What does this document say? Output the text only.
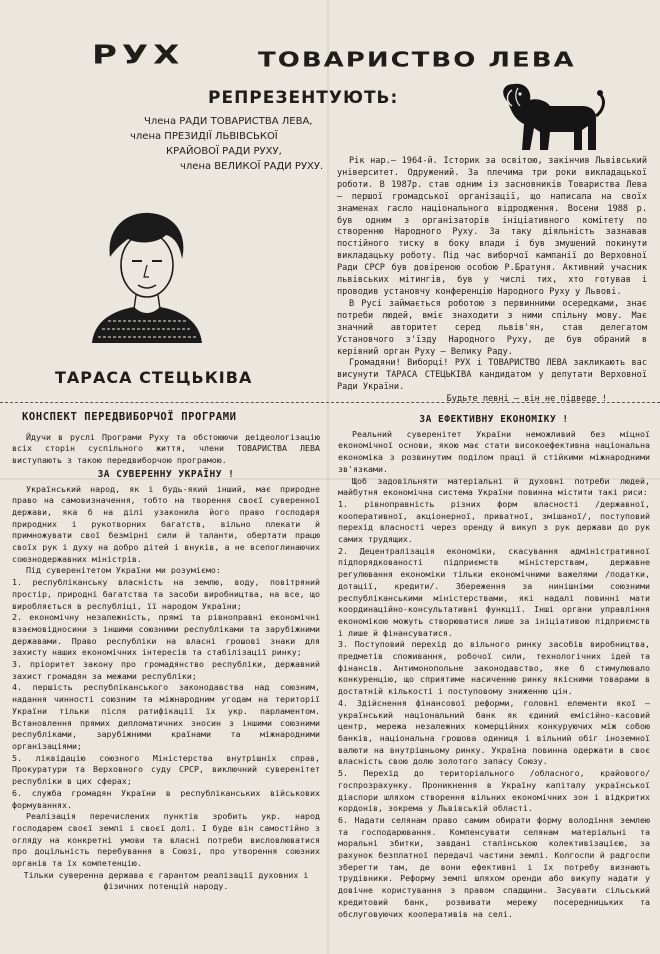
РУХ	ТОВАРИСТВО ЛЕВА
РЕПРЕЗЕНТУЮТЬ:
Члена РАДИ ТОВАРИСТВА ЛЕВА,
члена ПРЕЗИДІЇ ЛЬВІВСЬКОЇ
КРАЙОВОЇ РАДИ РУХУ,
члена ВЕЛИКОЇ РАДИ РУХУ.
ТАРАСА СТЕЦЬКІВА

Рік нар.– 1964-й. Історик за освітою, закінчив Львівський університет. Одружений. За плечима три роки викладацької роботи. В 1987р. став одним із засновників Товариства Лева – першої громадської організації, що написала на своїх знаменах гасло національного відродження. Восени 1988 р. був одним з організаторів ініціативного комітету по створенню Народного Руху. За таку діяльність зазнавав постійного тиску в боку влади і був змушений покинути викладацьку роботу. Під час виборчої кампанії до Верховної Ради СРСР був довіреною особою Р.Братуня. Активний учасник львівських мітингів, був у числі тих, хто готував і проводив установчу конференцію Народного Руху у Львові.

В Русі займається роботою з первинними осередками, знає потреби людей, вміє знаходити з ними спільну мову. Має значний авторитет серед львів'ян, став делегатом Установчого з'їзду Народного Руху, де був обраний в керівний орган Руху – Велику Раду.

Громадяни! Виборці! РУХ і ТОВАРИСТВО ЛЕВА закликають вас висунути ТАРАСА СТЕЦЬКІВА кандидатом у депутати Верховної Ради України.

Будьте певні – він не підведе !

КОНСПЕКТ ПЕРЕДВИБОРЧОЇ ПРОГРАМИ

Йдучи в руслі Програми Руху та обстоюючи деідеологізацію всіх сторін суспільного життя, члени ТОВАРИСТВА ЛЕВА виступають з такою передвиборчою програмою.

ЗА СУВЕРЕННУ УКРАЇНУ !

Український народ, як і будь-який інший, має природне право на самовизначення, тобто на творення своєї суверенної держави, яка б на ділі узаконила його право господаря природних і рукотворних багатств, вільно плекати й примножувати свої безмірні сили й таланти, обертати працю своїх рук і духу на добро дітей і внуків, а не всепоглинаючих союзнодержавних міністрів.

Під суверенітетом України ми розуміємо:

1. республіканську власність на землю, воду, повітряний простір, природні багатства та засоби виробництва, на все, що виробляється в республіці, її народом України;

2. економічну незалежність, прямі та рівноправні економічні взаємовідносини з іншими союзними республіками та зарубіжними державами. Право республіки на власні грошові знаки для захисту наших економічних інтересів та стабілізації ринку;

3. пріоритет закону про громадянство республіки, державний захист громадян за межами республіки;

4. першість республіканського законодавства над союзним, надання чинності союзним та міжнародним угодам на території України тільки після ратифікації їх укр. парламентом. Встановлення прямих дипломатичних зносин з іншими союзними республіками, зарубіжними країнами та міжнародними організаціями;

5. ліквідацію союзного Міністерства внутрішніх справ, Прокуратури та Верховного суду СРСР, виключний суверенітет республіки в цих сферах;

6. служба громадян України в республіканських військових формуваннях.

Реалізація перечислених пунктів зробить укр. народ господарем своєї землі і своєї долі. І буде він самостійно з огляду на конкретні умови та власні потреби висловлюватися про доцільність перебування в Союзі, про утворення союзних органів та їх компетенцію.

Тільки суверенна держава є гарантом реалізації духовних і фізичних потенцій народу.

ЗА ЕФЕКТИВНУ ЕКОНОМІКУ !

Реальний суверенітет України неможливий без міцної економічної основи, якою має стати високоефективна національна економіка з розвинутим поділом праці й стійкими міжнародними зв'язками.

Щоб задовільняти матеріальні й духовні потреби людей, майбутня економічна система України повинна містити такі риси:

1. рівноправність різних форм власності /державної, кооперативної, акціонерної, приватної, змішаної/, поступовий перехід власності через оренду й викуп з рук держави до рук самих трудящих.

2. Децентралізація економіки, скасування адміністративної підпорядкованості підприємств міністерствам, державне регулювання економіки тільки економічними важелями /податки, дотації, кредити/. Збереження за нинішніми союзними республіканськими міністерствами, які надалі повинні мати координаційно-консультативні функції. Інші органи управління економікою можуть створюватися лише за ініціативою підприємств і лише й фінансуватися.

3. Поступовий перехід до вільного ринку засобів виробництва, предметів споживання, робочої сили, технологічних ідей та фінансів. Антимонопольне законодавство, яке б стимулювало конкуренцію, що сприятиме насиченню ринку якісними товарами в достатній кількості і поступовому зниженню цін.

4. Здійснення фінансової реформи, головні елементи якої – український національний банк як єдиний емісійно-касовий центр, мережа незалежних комерційних конкуруючих між собою банків, національна грошова одиниця і вільний обіг іноземної валюти на внутрішньому ринку. Україна повинна одержати в своє власність свою долю золотого запасу Союзу.

5. Перехід до територіального /обласного, крайового/ госпрозрахунку. Проникнення в Україну капіталу української діаспори шляхом створення вільних економічних зон і відкритих кордонів, зокрема у Львівській області.

6. Надати селянам право самим обирати форму володіння землею та господарювання. Компенсувати селянам матеріальні та моральні збитки, завдані сталінською колективізацією, за рахунок безплатної передачі частини землі. Колгоспи й радгоспи зберегти там, де вони ефективні і їх потребу визнають трудівники. Реформу землі шляхом оренди або викупу надати у довічне користування з правом спадщини. Засувати сільський кредитовий банк, розвивати мережу посередницьких та обслуговуючих кооперативів на селі.
